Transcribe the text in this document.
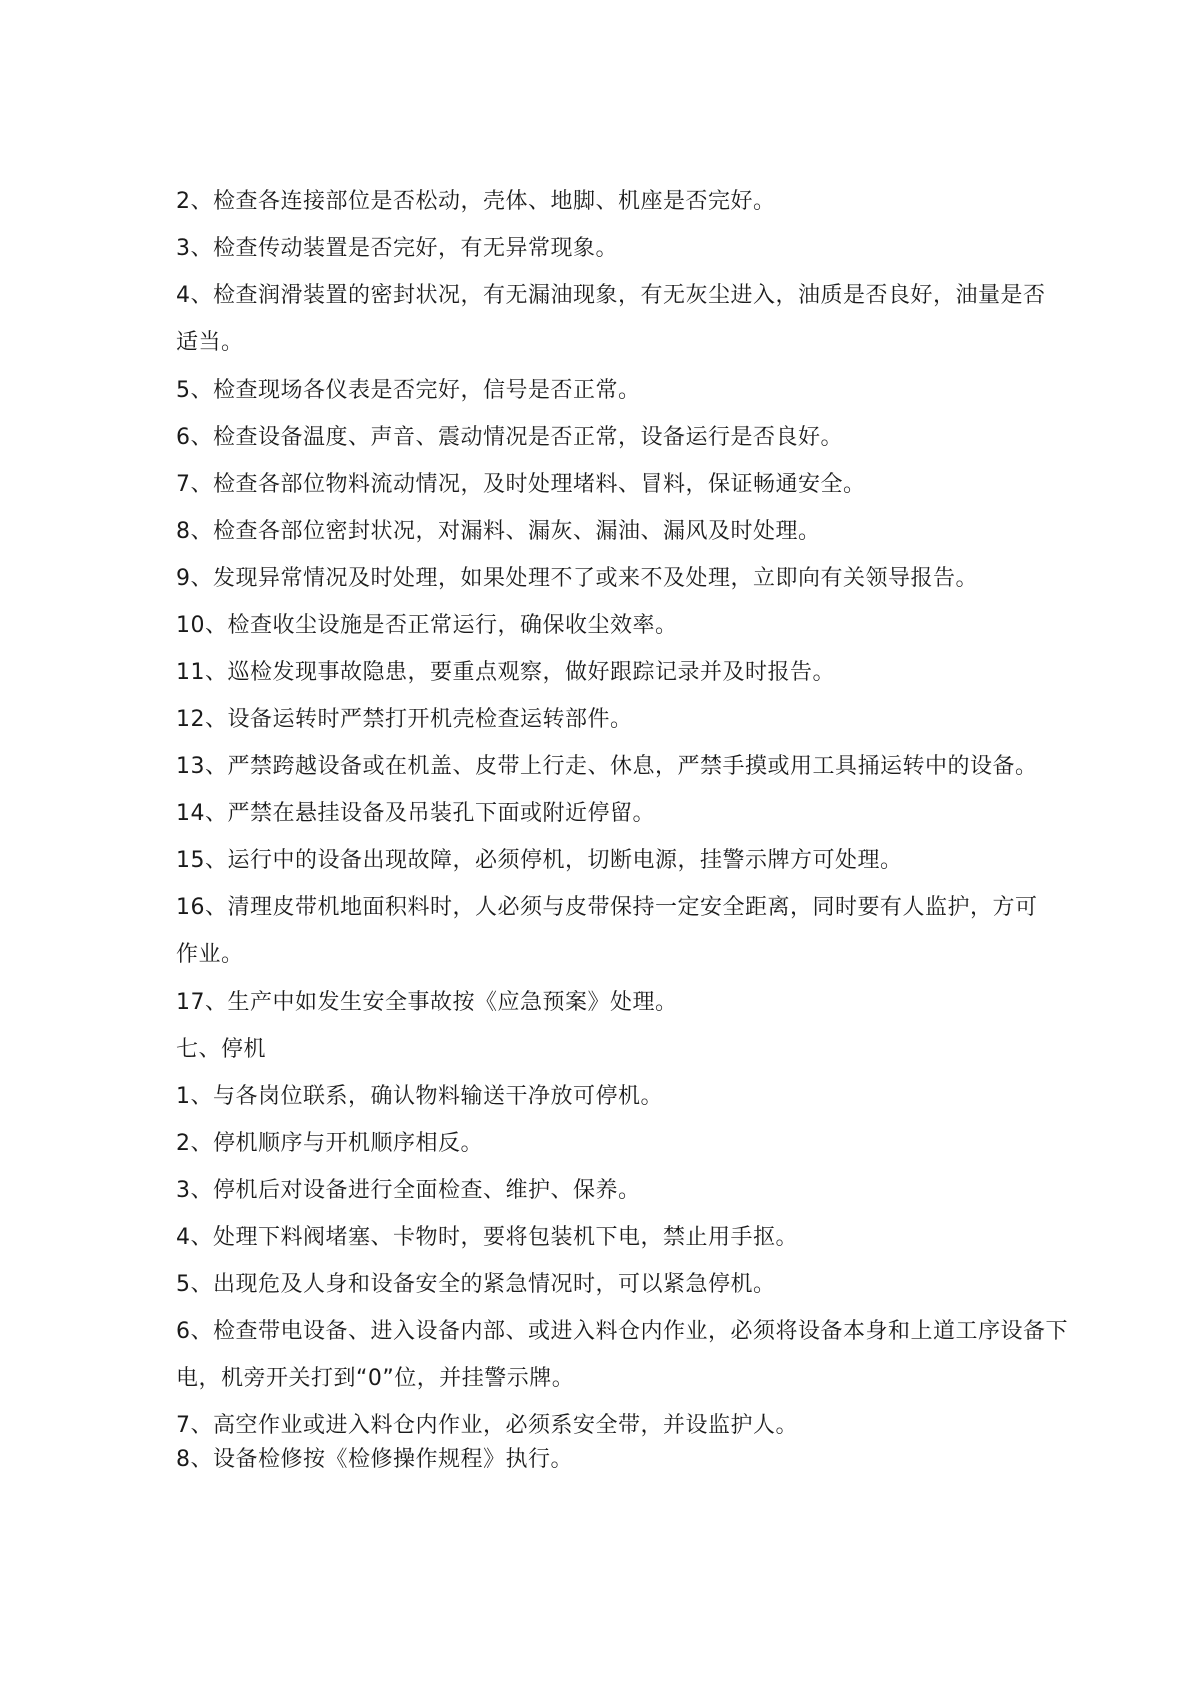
2、检查各连接部位是否松动，壳体、地脚、机座是否完好。
3、检查传动装置是否完好，有无异常现象。
4、检查润滑装置的密封状况，有无漏油现象，有无灰尘进入，油质是否良好，油量是否
适当。
5、检查现场各仪表是否完好，信号是否正常。
6、检查设备温度、声音、震动情况是否正常，设备运行是否良好。
7、检查各部位物料流动情况，及时处理堵料、冒料，保证畅通安全。
8、检查各部位密封状况，对漏料、漏灰、漏油、漏风及时处理。
9、发现异常情况及时处理，如果处理不了或来不及处理，立即向有关领导报告。
10、检查收尘设施是否正常运行，确保收尘效率。
11、巡检发现事故隐患，要重点观察，做好跟踪记录并及时报告。
12、设备运转时严禁打开机壳检查运转部件。
13、严禁跨越设备或在机盖、皮带上行走、休息，严禁手摸或用工具捅运转中的设备。
14、严禁在悬挂设备及吊装孔下面或附近停留。
15、运行中的设备出现故障，必须停机，切断电源，挂警示牌方可处理。
16、清理皮带机地面积料时，人必须与皮带保持一定安全距离，同时要有人监护，方可
作业。
17、生产中如发生安全事故按《应急预案》处理。
七、停机
1、与各岗位联系，确认物料输送干净放可停机。
2、停机顺序与开机顺序相反。
3、停机后对设备进行全面检查、维护、保养。
4、处理下料阀堵塞、卡物时，要将包装机下电，禁止用手抠。
5、出现危及人身和设备安全的紧急情况时，可以紧急停机。
6、检查带电设备、进入设备内部、或进入料仓内作业，必须将设备本身和上道工序设备下
电，机旁开关打到“0”位，并挂警示牌。
7、高空作业或进入料仓内作业，必须系安全带，并设监护人。
8、设备检修按《检修操作规程》执行。
